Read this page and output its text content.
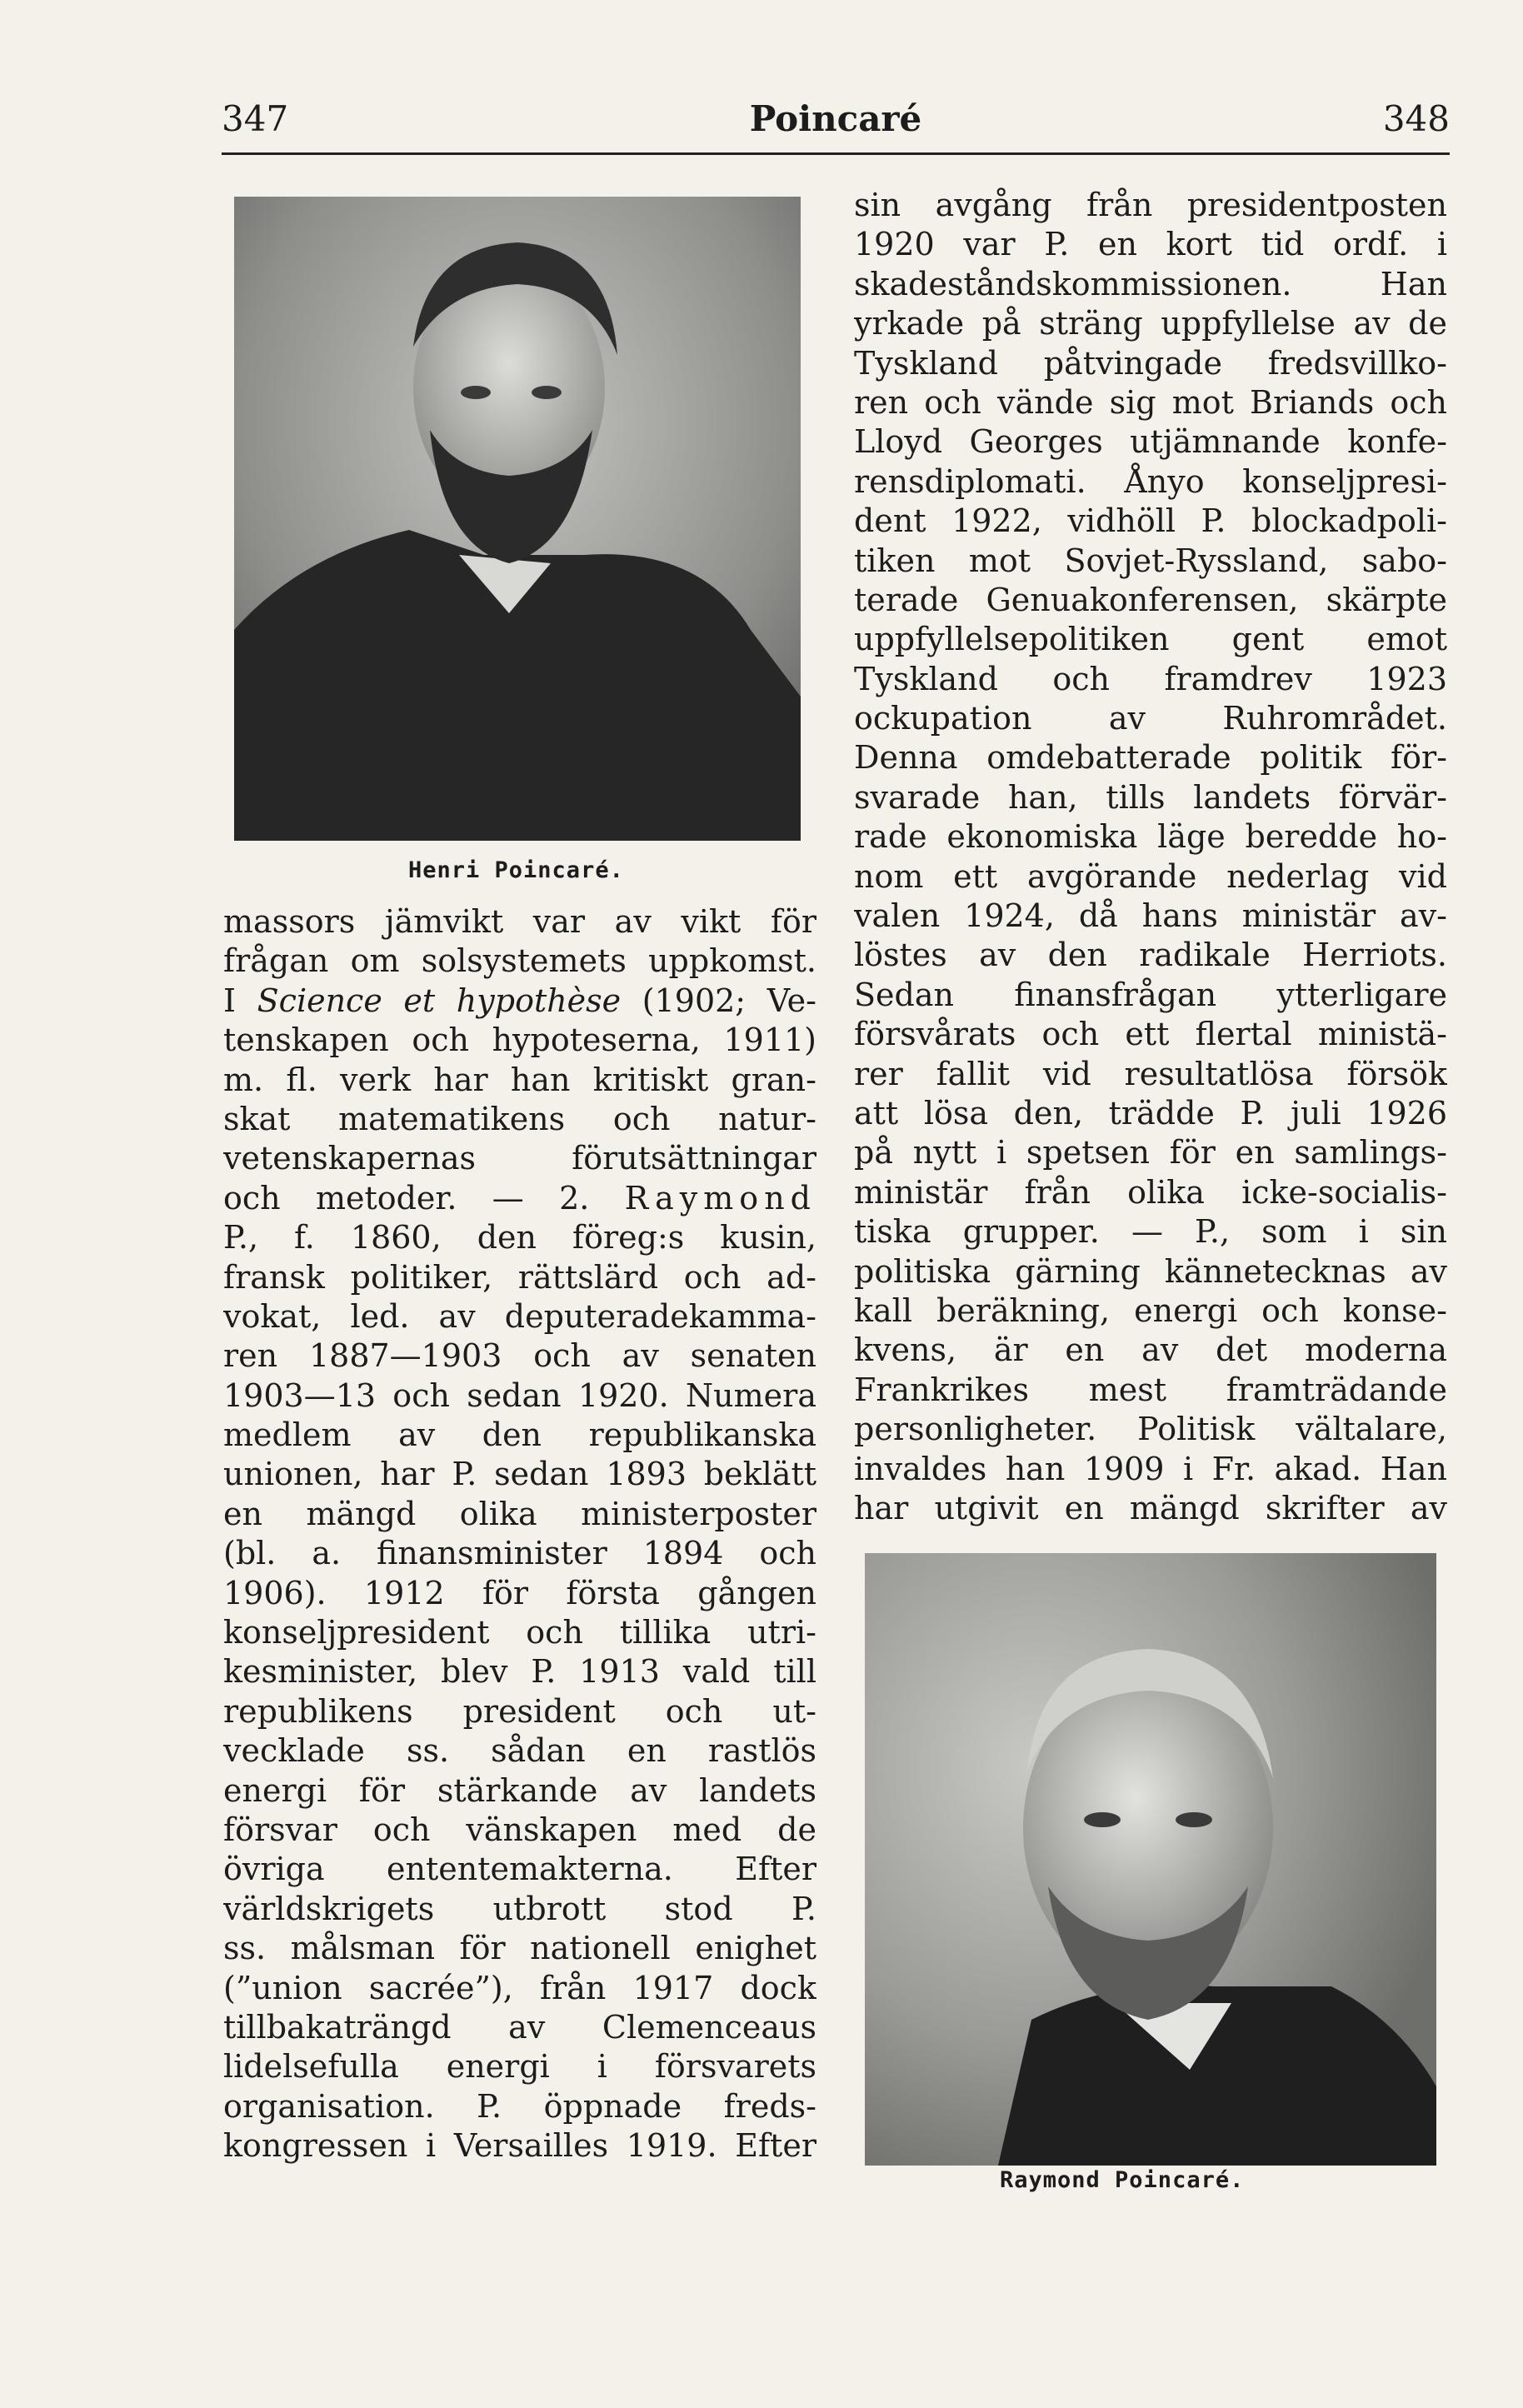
347	Poincaré	348
Henri Poincaré.
massors jämvikt var av vikt för
frågan om solsystemets uppkomst.
I Science et hypothèse (1902; Ve-
tenskapen och hypoteserna, 1911)
m. fl. verk har han kritiskt gran-
skat matematikens och natur-
vetenskapernas förutsättningar
och metoder. — 2. Raymond
P., f. 1860, den föreg:s kusin,
fransk politiker, rättslärd och ad-
vokat, led. av deputeradekamma-
ren 1887—1903 och av senaten
1903—13 och sedan 1920. Numera
medlem av den republikanska
unionen, har P. sedan 1893 beklätt
en mängd olika ministerposter
(bl. a. finansminister 1894 och
1906). 1912 för första gången
konseljpresident och tillika utri-
kesminister, blev P. 1913 vald till
republikens president och ut-
vecklade ss. sådan en rastlös
energi för stärkande av landets
försvar och vänskapen med de
övriga ententemakterna. Efter
världskrigets utbrott stod P.
ss. målsman för nationell enighet
(”union sacrée”), från 1917 dock
tillbakaträngd av Clemenceaus
lidelsefulla energi i försvarets
organisation. P. öppnade freds-
kongressen i Versailles 1919. Efter
sin avgång från presidentposten
1920 var P. en kort tid ordf. i
skadeståndskommissionen. Han
yrkade på sträng uppfyllelse av de
Tyskland påtvingade fredsvillko-
ren och vände sig mot Briands och
Lloyd Georges utjämnande konfe-
rensdiplomati. Ånyo konseljpresi-
dent 1922, vidhöll P. blockadpoli-
tiken mot Sovjet-Ryssland, sabo-
terade Genuakonferensen, skärpte
uppfyllelsepolitiken gent emot
Tyskland och framdrev 1923
ockupation av Ruhrområdet.
Denna omdebatterade politik för-
svarade han, tills landets förvär-
rade ekonomiska läge beredde ho-
nom ett avgörande nederlag vid
valen 1924, då hans ministär av-
löstes av den radikale Herriots.
Sedan finansfrågan ytterligare
försvårats och ett flertal ministä-
rer fallit vid resultatlösa försök
att lösa den, trädde P. juli 1926
på nytt i spetsen för en samlings-
ministär från olika icke-socialis-
tiska grupper. — P., som i sin
politiska gärning kännetecknas av
kall beräkning, energi och konse-
kvens, är en av det moderna
Frankrikes mest framträdande
personligheter. Politisk vältalare,
invaldes han 1909 i Fr. akad. Han
har utgivit en mängd skrifter av
Raymond Poincaré.
